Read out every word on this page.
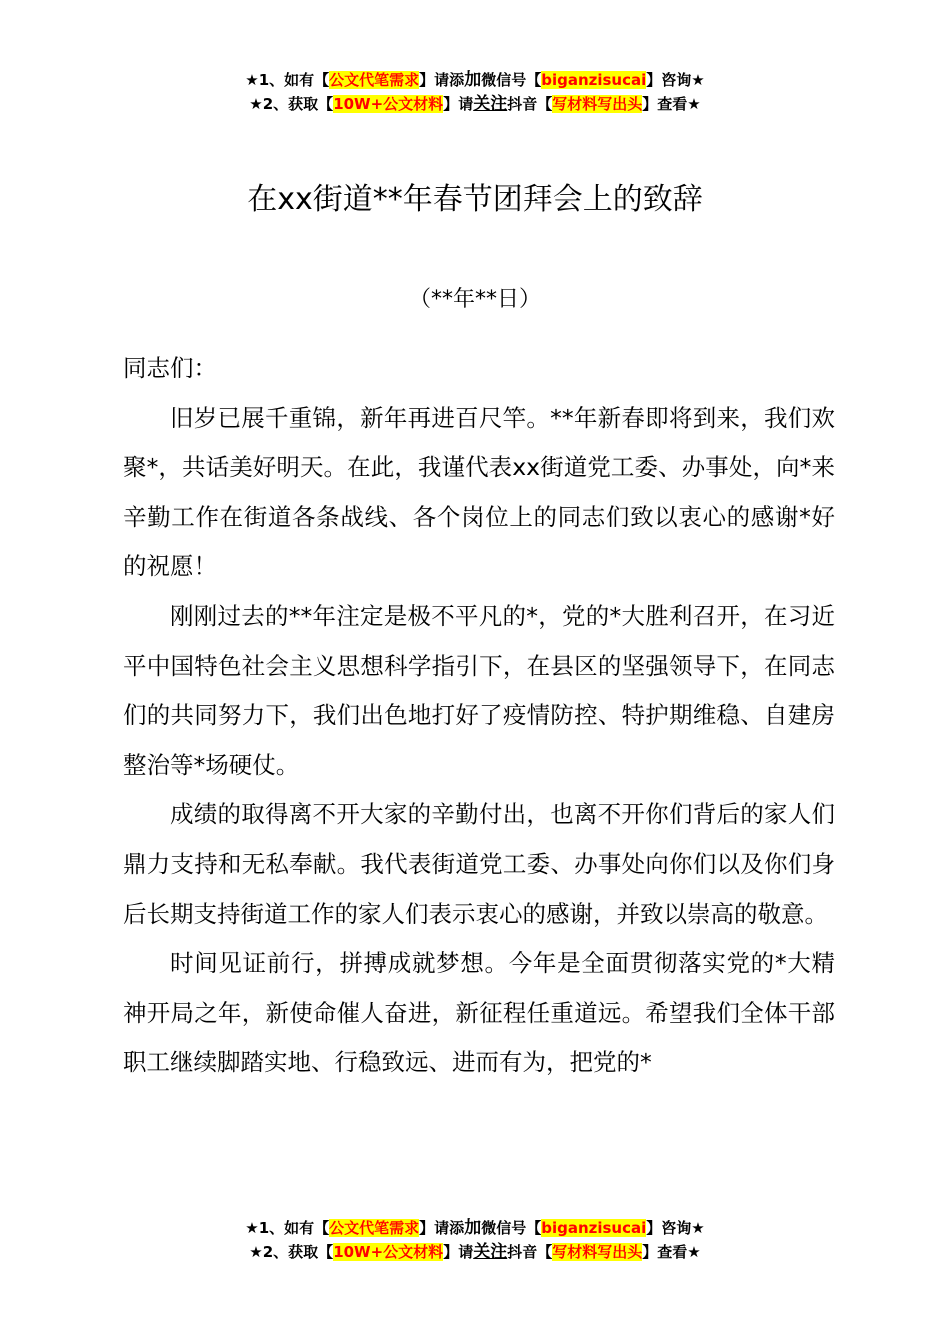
★1、如有【公文代笔需求】请添加微信号【biganzisucai】咨询★
★2、获取【10W+公文材料】请关注抖音【写材料写出头】查看★
在xx街道**年春节团拜会上的致辞
（**年**日）

同志们：

旧岁已展千重锦，新年再进百尺竿。**年新春即将到来，我们欢聚*，共话美好明天。在此，我谨代表xx街道党工委、办事处，向*来辛勤工作在街道各条战线、各个岗位上的同志们致以衷心的感谢*好的祝愿！

刚刚过去的**年注定是极不平凡的*，党的*大胜利召开，在习近平中国特色社会主义思想科学指引下，在县区的坚强领导下，在同志们的共同努力下，我们出色地打好了疫情防控、特护期维稳、自建房整治等*场硬仗。

成绩的取得离不开大家的辛勤付出，也离不开你们背后的家人们鼎力支持和无私奉献。我代表街道党工委、办事处向你们以及你们身后长期支持街道工作的家人们表示衷心的感谢，并致以崇高的敬意。

时间见证前行，拼搏成就梦想。今年是全面贯彻落实党的*大精神开局之年，新使命催人奋进，新征程任重道远。希望我们全体干部职工继续脚踏实地、行稳致远、进而有为，把党的*

★1、如有【公文代笔需求】请添加微信号【biganzisucai】咨询★
★2、获取【10W+公文材料】请关注抖音【写材料写出头】查看★
